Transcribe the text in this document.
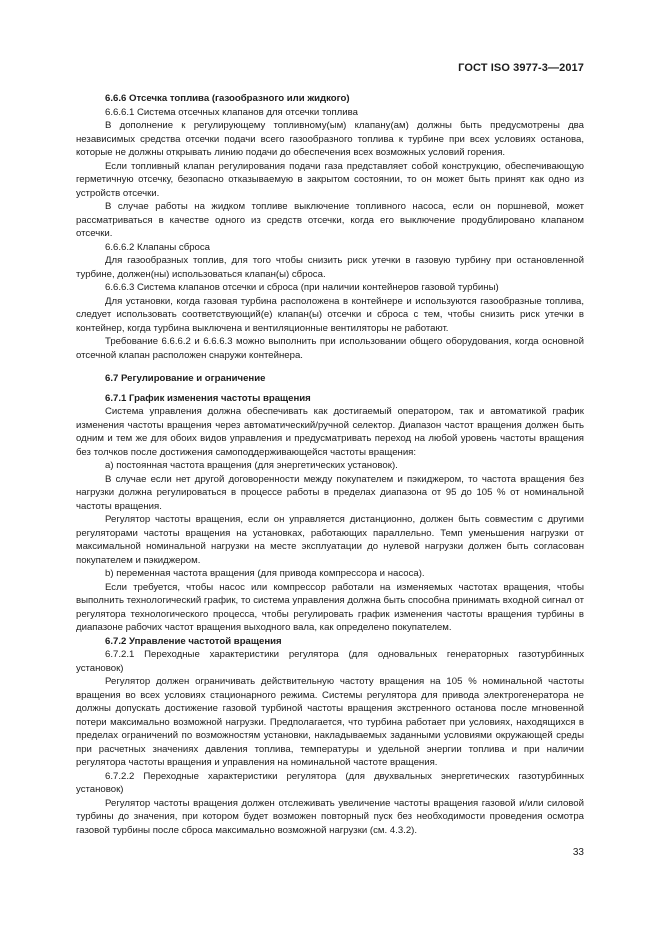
ГОСТ ISO 3977-3—2017

6.6.6 Отсечка топлива (газообразного или жидкого)

6.6.6.1 Система отсечных клапанов для отсечки топлива

В дополнение к регулирующему топливному(ым) клапану(ам) должны быть предусмотрены два независимых средства отсечки подачи всего газообразного топлива к турбине при всех условиях останова, которые не должны открывать линию подачи до обеспечения всех возможных условий горения.

Если топливный клапан регулирования подачи газа представляет собой конструкцию, обеспечивающую герметичную отсечку, безопасно отказываемую в закрытом состоянии, то он может быть принят как одно из устройств отсечки.

В случае работы на жидком топливе выключение топливного насоса, если он поршневой, может рассматриваться в качестве одного из средств отсечки, когда его выключение продублировано клапаном отсечки.

6.6.6.2 Клапаны сброса

Для газообразных топлив, для того чтобы снизить риск утечки в газовую турбину при остановленной турбине, должен(ны) использоваться клапан(ы) сброса.

6.6.6.3 Система клапанов отсечки и сброса (при наличии контейнеров газовой турбины)

Для установки, когда газовая турбина расположена в контейнере и используются газообразные топлива, следует использовать соответствующий(е) клапан(ы) отсечки и сброса с тем, чтобы снизить риск утечки в контейнер, когда турбина выключена и вентиляционные вентиляторы не работают.

Требование 6.6.6.2 и 6.6.6.3 можно выполнить при использовании общего оборудования, когда основной отсечной клапан расположен снаружи контейнера.

6.7 Регулирование и ограничение

6.7.1 График изменения частоты вращения

Система управления должна обеспечивать как достигаемый оператором, так и автоматикой график изменения частоты вращения через автоматический/ручной селектор. Диапазон частот вращения должен быть одним и тем же для обоих видов управления и предусматривать переход на любой уровень частоты вращения без толчков после достижения самоподдерживающейся частоты вращения:

a) постоянная частота вращения (для энергетических установок).

В случае если нет другой договоренности между покупателем и пэкиджером, то частота вращения без нагрузки должна регулироваться в процессе работы в пределах диапазона от 95 до 105 % от номинальной частоты вращения.

Регулятор частоты вращения, если он управляется дистанционно, должен быть совместим с другими регуляторами частоты вращения на установках, работающих параллельно. Темп уменьшения нагрузки от максимальной номинальной нагрузки на месте эксплуатации до нулевой нагрузки должен быть согласован покупателем и пэкиджером.

b) переменная частота вращения (для привода компрессора и насоса).

Если требуется, чтобы насос или компрессор работали на изменяемых частотах вращения, чтобы выполнить технологический график, то система управления должна быть способна принимать входной сигнал от регулятора технологического процесса, чтобы регулировать график изменения частоты вращения турбины в диапазоне рабочих частот вращения выходного вала, как определено покупателем.

6.7.2 Управление частотой вращения

6.7.2.1 Переходные характеристики регулятора (для одновальных генераторных газотурбинных установок)

Регулятор должен ограничивать действительную частоту вращения на 105 % номинальной частоты вращения во всех условиях стационарного режима. Системы регулятора для привода электрогенератора не должны допускать достижение газовой турбиной частоты вращения экстренного останова после мгновенной потери максимально возможной нагрузки. Предполагается, что турбина работает при условиях, находящихся в пределах ограничений по возможностям установки, накладываемых заданными условиями окружающей среды при расчетных значениях давления топлива, температуры и удельной энергии топлива и при наличии регулятора частоты вращения и управления на номинальной частоте вращения.

6.7.2.2 Переходные характеристики регулятора (для двухвальных энергетических газотурбинных установок)

Регулятор частоты вращения должен отслеживать увеличение частоты вращения газовой и/или силовой турбины до значения, при котором будет возможен повторный пуск без необходимости проведения осмотра газовой турбины после сброса максимально возможной нагрузки (см. 4.3.2).

33
